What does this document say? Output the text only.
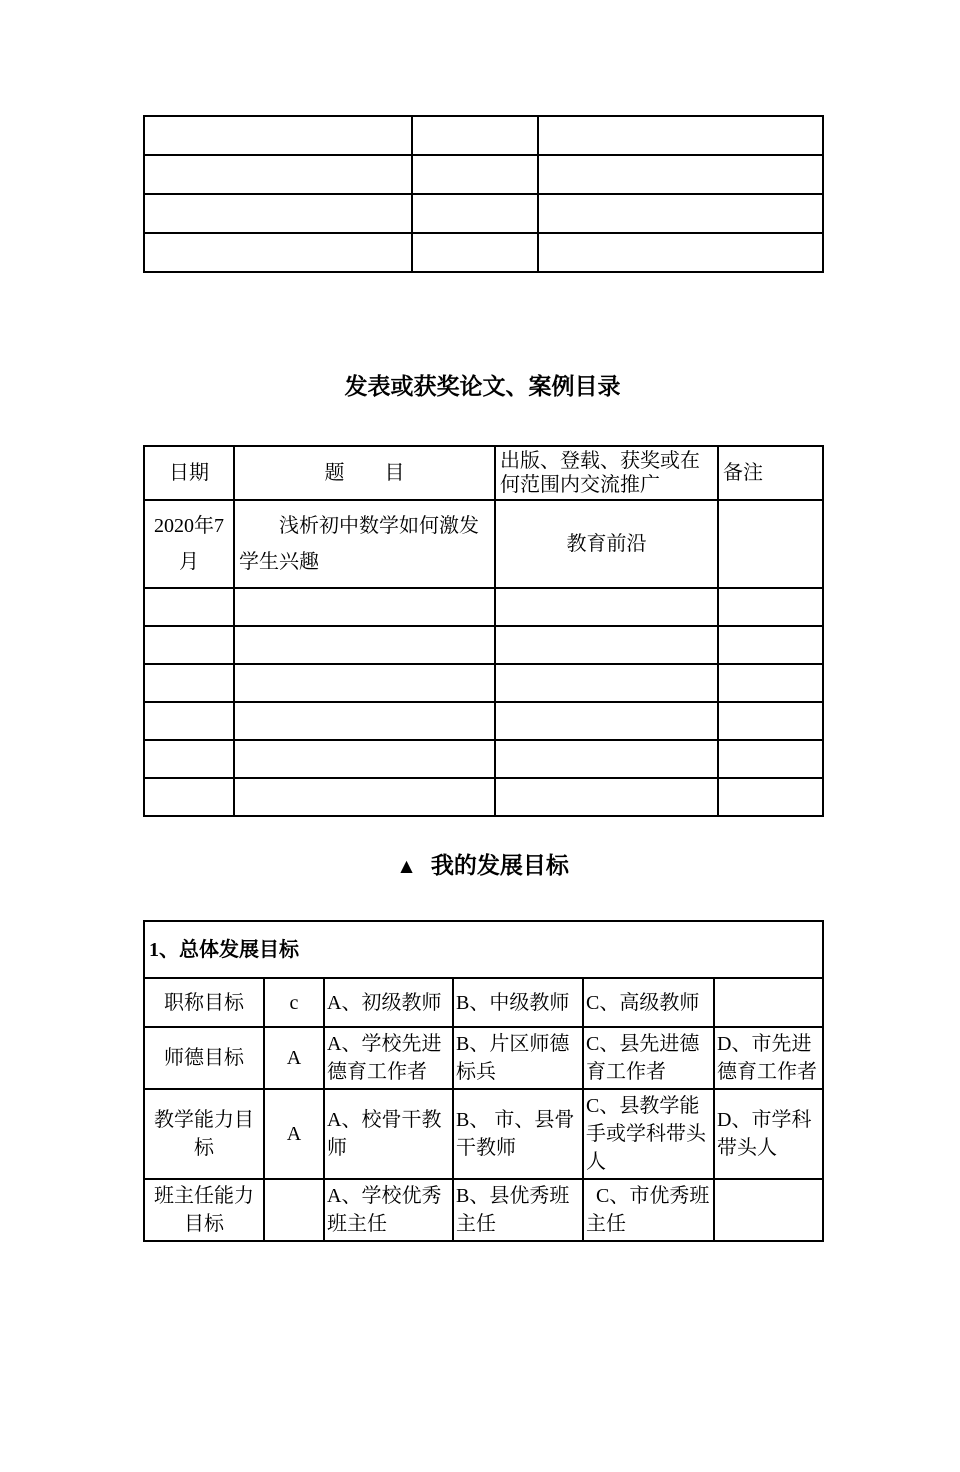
发表或获奖论文、案例目录
日期	题        目	出版、登载、获奖或在何范围内交流推广	备注
2020年7月	浅析初中数学如何激发学生兴趣	教育前沿	

▲ 我的发展目标
1、总体发展目标					
职称目标	c	A、初级教师	B、中级教师	C、高级教师	
师德目标	A	A、学校先进德育工作者	B、片区师德标兵	C、县先进德育工作者	D、市先进德育工作者
教学能力目标	A	A、校骨干教师	B、 市、县骨干教师	C、县教学能手或学科带头人	D、市学科带头人
班主任能力目标		A、学校优秀班主任	B、县优秀班主任	C、市优秀班主任	
